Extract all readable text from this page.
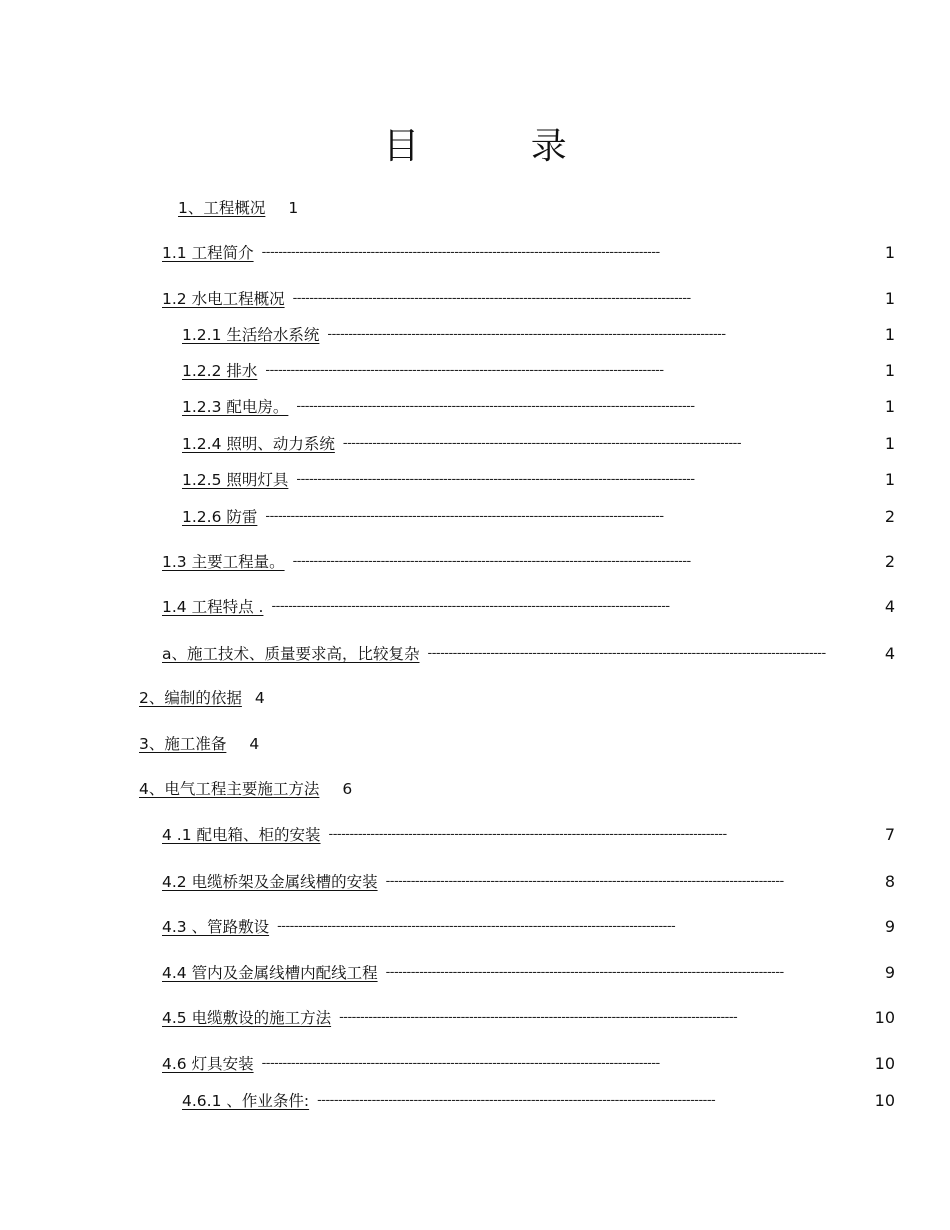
目 录
1、工程概况 1
1.1 工程简介 -----------------------------------------------------------------------------------------------	1
1.2 水电工程概况 -----------------------------------------------------------------------------------------------	1
1.2.1 生活给水系统 -----------------------------------------------------------------------------------------------	1
1.2.2 排水 -----------------------------------------------------------------------------------------------	1
1.2.3 配电房。 -----------------------------------------------------------------------------------------------	1
1.2.4 照明、动力系统 -----------------------------------------------------------------------------------------------	1
1.2.5 照明灯具 -----------------------------------------------------------------------------------------------	1
1.2.6 防雷 -----------------------------------------------------------------------------------------------	2
1.3 主要工程量。 -----------------------------------------------------------------------------------------------	2
1.4 工程特点 . -----------------------------------------------------------------------------------------------	4
a、施工技术、质量要求高，比较复杂 -----------------------------------------------------------------------------------------------	4
2、编制的依据 4
3、施工准备 4
4、电气工程主要施工方法 6
4 .1 配电箱、柜的安装 -----------------------------------------------------------------------------------------------	7
4.2 电缆桥架及金属线槽的安装 -----------------------------------------------------------------------------------------------	8
4.3 、管路敷设 -----------------------------------------------------------------------------------------------	9
4.4 管内及金属线槽内配线工程 -----------------------------------------------------------------------------------------------	9
4.5 电缆敷设的施工方法 -----------------------------------------------------------------------------------------------	10
4.6 灯具安装 -----------------------------------------------------------------------------------------------	10
4.6.1 、作业条件: -----------------------------------------------------------------------------------------------	10
